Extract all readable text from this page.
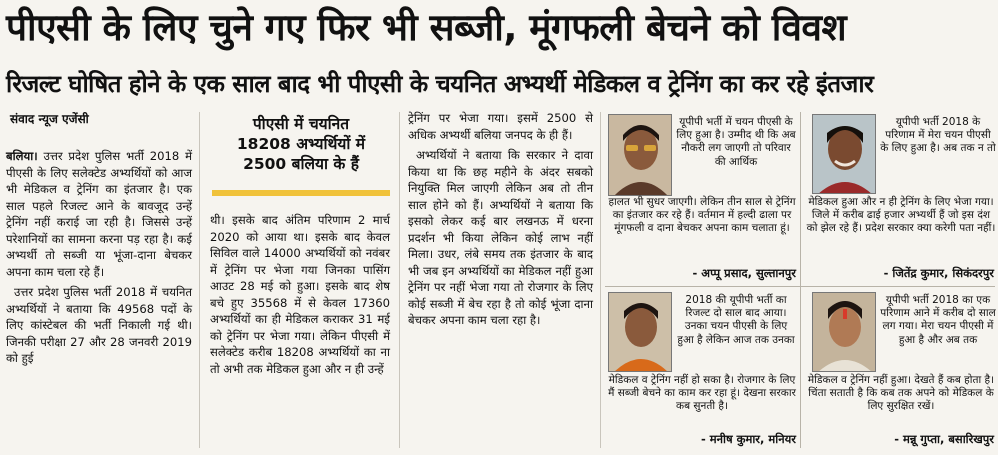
पीएसी के लिए चुने गए फिर भी सब्जी, मूंगफली बेचने को विवश
रिजल्ट घोषित होने के एक साल बाद भी पीएसी के चयनित अभ्यर्थी मेडिकल व ट्रेनिंग का कर रहे इंतजार
संवाद न्यूज एजेंसी	पीएसी में चयनित
18208 अभ्यर्थियों में
2500 बलिया के हैं

बलिया। उत्तर प्रदेश पुलिस भर्ती 2018 में पीएसी के लिए सलेक्टेड अभ्यर्थियों को आज भी मेडिकल व ट्रेनिंग का इंतजार है। एक साल पहले रिजल्ट आने के बावजूद उन्हें ट्रेनिंग नहीं कराई जा रही है। जिससे उन्हें परेशानियों का सामना करना पड़ रहा है। कई अभ्यर्थी तो सब्जी या भूंजा-दाना बेचकर अपना काम चला रहे हैं।

उत्तर प्रदेश पुलिस भर्ती 2018 में चयनित अभ्यर्थियों ने बताया कि 49568 पदों के लिए कांस्टेबल की भर्ती निकाली गई थी। जिनकी परीक्षा 27 और 28 जनवरी 2019 को हुई

थी। इसके बाद अंतिम परिणाम 2 मार्च 2020 को आया था। इसके बाद केवल सिविल वाले 14000 अभ्यर्थियों को नवंबर में ट्रेनिंग पर भेजा गया जिनका पासिंग आउट 28 मई को हुआ। इसके बाद शेष बचे हुए 35568 में से केवल 17360 अभ्यर्थियों का ही मेडिकल कराकर 31 मई को ट्रेनिंग पर भेजा गया। लेकिन पीएसी में सलेक्टेड करीब 18208 अभ्यर्थियों का ना तो अभी तक मेडिकल हुआ और न ही उन्हें

ट्रेनिंग पर भेजा गया। इसमें 2500 से अधिक अभ्यर्थी बलिया जनपद के ही हैं।

अभ्यर्थियों ने बताया कि सरकार ने दावा किया था कि छह महीने के अंदर सबको नियुक्ति मिल जाएगी लेकिन अब तो तीन साल होने को हैं। अभ्यर्थियों ने बताया कि इसको लेकर कई बार लखनऊ में धरना प्रदर्शन भी किया लेकिन कोई लाभ नहीं मिला। उधर, लंबे समय तक इंतजार के बाद भी जब इन अभ्यर्थियों का मेडिकल नहीं हुआ ट्रेनिंग पर नहीं भेजा गया तो रोजगार के लिए कोई सब्जी में बेच रहा है तो कोई भूंजा दाना बेचकर अपना काम चला रहा है।

यूपीपी भर्ती में चयन पीएसी के लिए हुआ है। उम्मीद थी कि अब नौकरी लग जाएगी तो परिवार की आर्थिक
हालत भी सुधर जाएगी। लेकिन तीन साल से ट्रेनिंग का इंतजार कर रहे हैं। वर्तमान में हल्दी ढाला पर मूंगफली व दाना बेचकर अपना काम चलाता हूं।
- अप्पू प्रसाद, सुल्तानपुर
यूपीपी भर्ती 2018 के परिणाम में मेरा चयन पीएसी के लिए हुआ है। अब तक न तो
मेडिकल हुआ और न ही ट्रेनिंग के लिए भेजा गया। जिले में करीब ढाई हजार अभ्यर्थी हैं जो इस दंश को झेल रहे हैं। प्रदेश सरकार क्या करेगी पता नहीं।
- जितेंद्र कुमार, सिकंदरपुर
2018 की यूपीपी भर्ती का रिजल्ट दो साल बाद आया। उनका चयन पीएसी के लिए हुआ है लेकिन आज तक उनका
मेडिकल व ट्रेनिंग नहीं हो सका है। रोजगार के लिए मैं सब्जी बेचने का काम कर रहा हूं। देखना सरकार कब सुनती है।
- मनीष कुमार, मनियर
यूपीपी भर्ती 2018 का एक परिणाम आने में करीब दो साल लग गया। मेरा चयन पीएसी में हुआ है और अब तक
मेडिकल व ट्रेनिंग नहीं हुआ। देखते हैं कब होता है। चिंता सताती है कि कब तक अपने को मेडिकल के लिए सुरक्षित रखें।
- मन्नू गुप्ता, बसारिखपुर
